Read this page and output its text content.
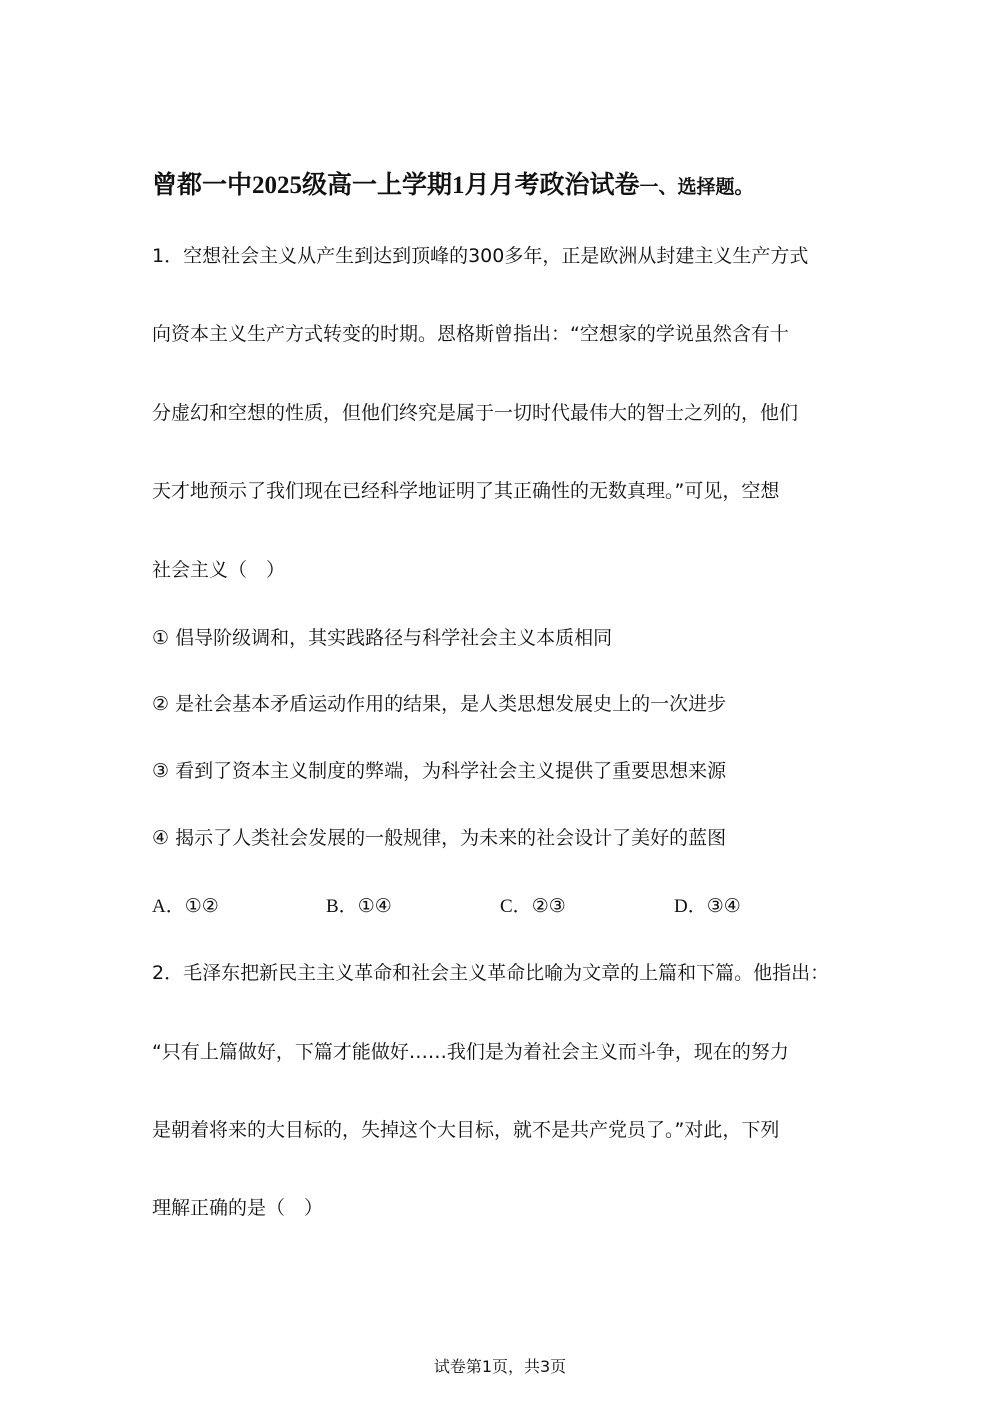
曾都一中2025级高一上学期1月月考政治试卷一、选择题。
1．空想社会主义从产生到达到顶峰的300多年，正是欧洲从封建主义生产方式
向资本主义生产方式转变的时期。恩格斯曾指出：“空想家的学说虽然含有十
分虚幻和空想的性质，但他们终究是属于一切时代最伟大的智士之列的，他们
天才地预示了我们现在已经科学地证明了其正确性的无数真理。”可见，空想
社会主义（　）
① 倡导阶级调和，其实践路径与科学社会主义本质相同
② 是社会基本矛盾运动作用的结果，是人类思想发展史上的一次进步
③ 看到了资本主义制度的弊端，为科学社会主义提供了重要思想来源
④ 揭示了人类社会发展的一般规律，为未来的社会设计了美好的蓝图
A．①②	B．①④	C．②③	D．③④
2．毛泽东把新民主主义革命和社会主义革命比喻为文章的上篇和下篇。他指出：
“只有上篇做好，下篇才能做好……我们是为着社会主义而斗争，现在的努力
是朝着将来的大目标的，失掉这个大目标，就不是共产党员了。”对此，下列
理解正确的是（　）
试卷第1页，共3页
